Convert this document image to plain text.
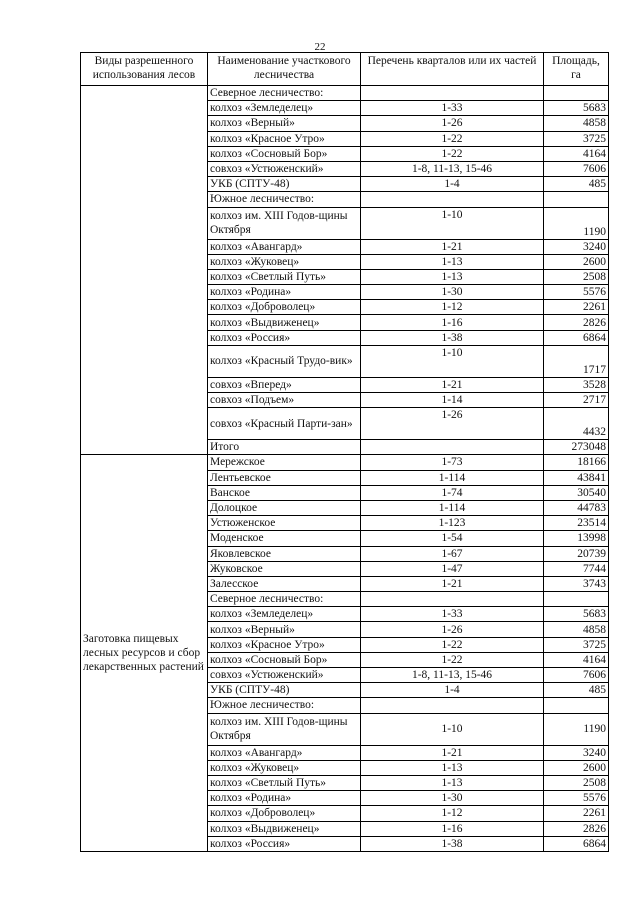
22
Виды разрешенного использования лесов	Наименование участкового лесничества	Перечень кварталов или их частей	Площадь, га
	Северное лесничество:		
	колхоз «Земледелец»	1-33	5683
	колхоз «Верный»	1-26	4858
	колхоз «Красное Утро»	1-22	3725
	колхоз «Сосновый Бор»	1-22	4164
	совхоз «Устюженский»	1-8, 11-13, 15-46	7606
	УКБ (СПТУ-48)	1-4	485
	Южное лесничество:		
	колхоз им. XIII Годов-щины Октября	1-10	1190
	колхоз «Авангард»	1-21	3240
	колхоз «Жуковец»	1-13	2600
	колхоз «Светлый Путь»	1-13	2508
	колхоз «Родина»	1-30	5576
	колхоз «Доброволец»	1-12	2261
	колхоз «Выдвиженец»	1-16	2826
	колхоз «Россия»	1-38	6864
	колхоз «Красный Трудо-вик»	1-10	1717
	совхоз «Вперед»	1-21	3528
	совхоз «Подъем»	1-14	2717
	совхоз «Красный Парти-зан»	1-26	4432
	Итого		273048
Заготовка пищевых лесных ресурсов и сбор лекарственных растений	Мережское	1-73	18166
	Лентьевское	1-114	43841
	Ванское	1-74	30540
	Долоцкое	1-114	44783
	Устюженское	1-123	23514
	Моденское	1-54	13998
	Яковлевское	1-67	20739
	Жуковское	1-47	7744
	Залесское	1-21	3743
	Северное лесничество:		
	колхоз «Земледелец»	1-33	5683
	колхоз «Верный»	1-26	4858
	колхоз «Красное Утро»	1-22	3725
	колхоз «Сосновый Бор»	1-22	4164
	совхоз «Устюженский»	1-8, 11-13, 15-46	7606
	УКБ (СПТУ-48)	1-4	485
	Южное лесничество:		
	колхоз им. XIII Годов-щины Октября	1-10	1190
	колхоз «Авангард»	1-21	3240
	колхоз «Жуковец»	1-13	2600
	колхоз «Светлый Путь»	1-13	2508
	колхоз «Родина»	1-30	5576
	колхоз «Доброволец»	1-12	2261
	колхоз «Выдвиженец»	1-16	2826
	колхоз «Россия»	1-38	6864
